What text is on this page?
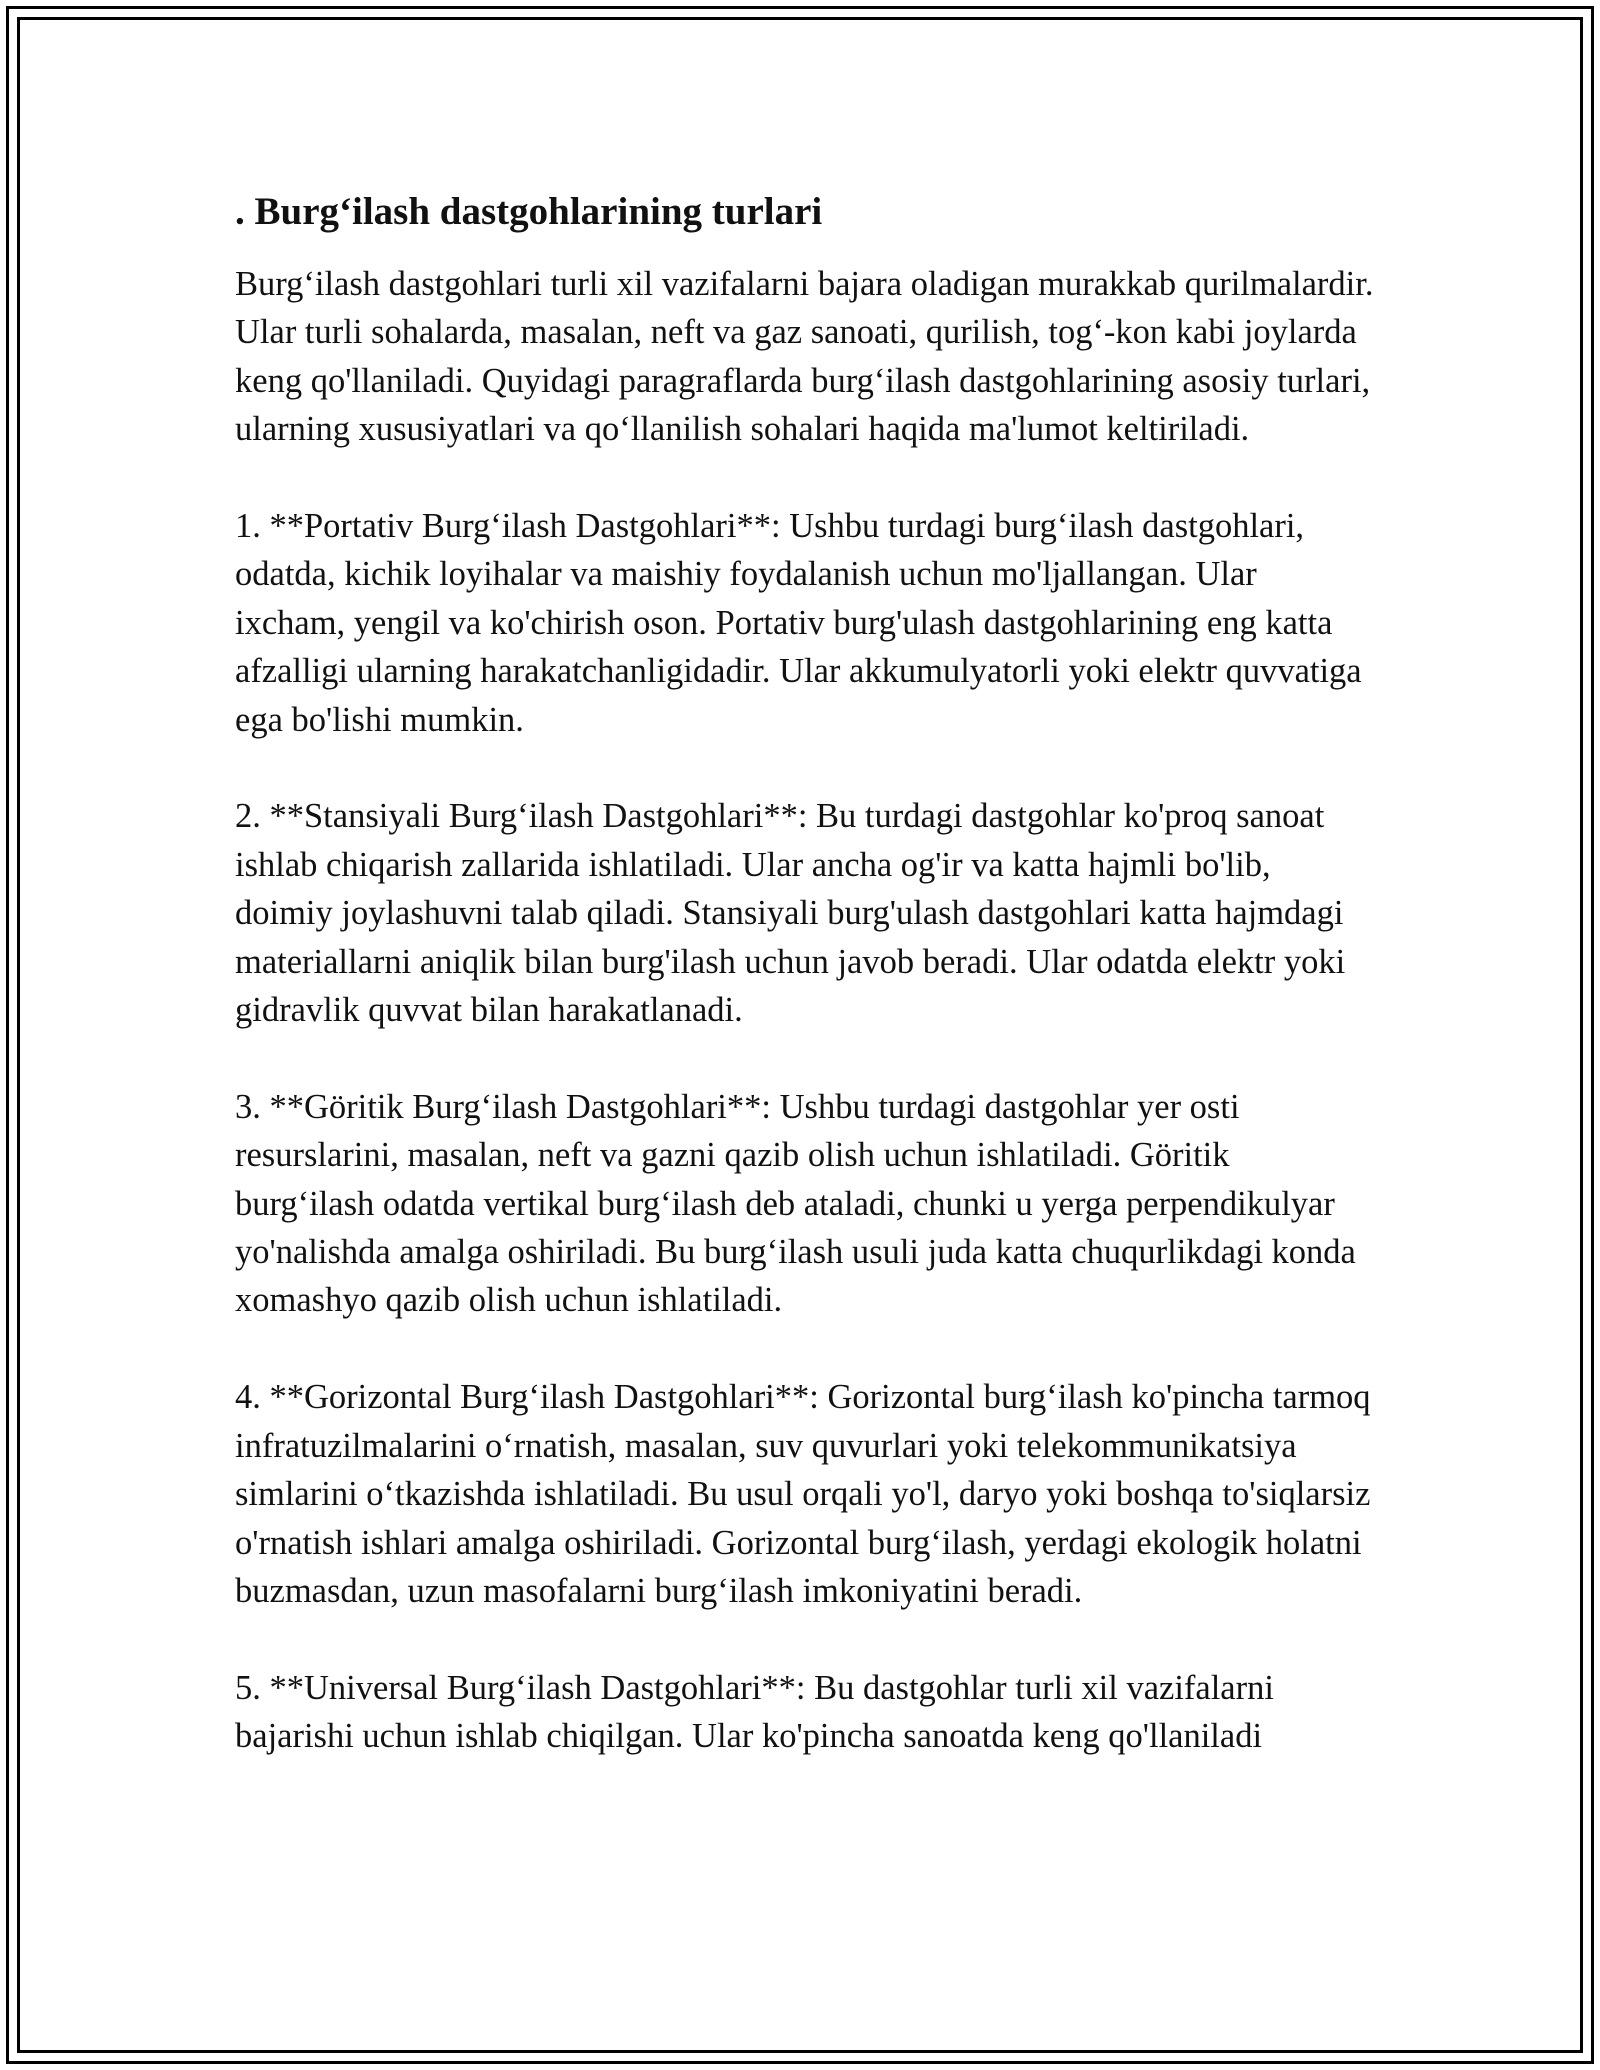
. Burg‘ilash dastgohlarining turlari

Burg‘ilash dastgohlari turli xil vazifalarni bajara oladigan murakkab qurilmalardir. Ular turli sohalarda, masalan, neft va gaz sanoati, qurilish, tog‘-kon kabi joylarda keng qo'llaniladi. Quyidagi paragraflarda burg‘ilash dastgohlarining asosiy turlari, ularning xususiyatlari va qo‘llanilish sohalari haqida ma'lumot keltiriladi.

1. **Portativ Burg‘ilash Dastgohlari**: Ushbu turdagi burg‘ilash dastgohlari, odatda, kichik loyihalar va maishiy foydalanish uchun mo'ljallangan. Ular ixcham, yengil va ko'chirish oson. Portativ burg'ulash dastgohlarining eng katta afzalligi ularning harakatchanligidadir. Ular akkumulyatorli yoki elektr quvvatiga ega bo'lishi mumkin.

2. **Stansiyali Burg‘ilash Dastgohlari**: Bu turdagi dastgohlar ko'proq sanoat ishlab chiqarish zallarida ishlatiladi. Ular ancha og'ir va katta hajmli bo'lib, doimiy joylashuvni talab qiladi. Stansiyali burg'ulash dastgohlari katta hajmdagi materiallarni aniqlik bilan burg'ilash uchun javob beradi. Ular odatda elektr yoki gidravlik quvvat bilan harakatlanadi.

3. **Göritik Burg‘ilash Dastgohlari**: Ushbu turdagi dastgohlar yer osti resurslarini, masalan, neft va gazni qazib olish uchun ishlatiladi. Göritik burg‘ilash odatda vertikal burg‘ilash deb ataladi, chunki u yerga perpendikulyar yo'nalishda amalga oshiriladi. Bu burg‘ilash usuli juda katta chuqurlikdagi konda xomashyo qazib olish uchun ishlatiladi.

4. **Gorizontal Burg‘ilash Dastgohlari**: Gorizontal burg‘ilash ko'pincha tarmoq infratuzilmalarini o‘rnatish, masalan, suv quvurlari yoki telekommunikatsiya simlarini o‘tkazishda ishlatiladi. Bu usul orqali yo'l, daryo yoki boshqa to'siqlarsiz o'rnatish ishlari amalga oshiriladi. Gorizontal burg‘ilash, yerdagi ekologik holatni buzmasdan, uzun masofalarni burg‘ilash imkoniyatini beradi.

5. **Universal Burg‘ilash Dastgohlari**: Bu dastgohlar turli xil vazifalarni bajarishi uchun ishlab chiqilgan. Ular ko'pincha sanoatda keng qo'llaniladi
